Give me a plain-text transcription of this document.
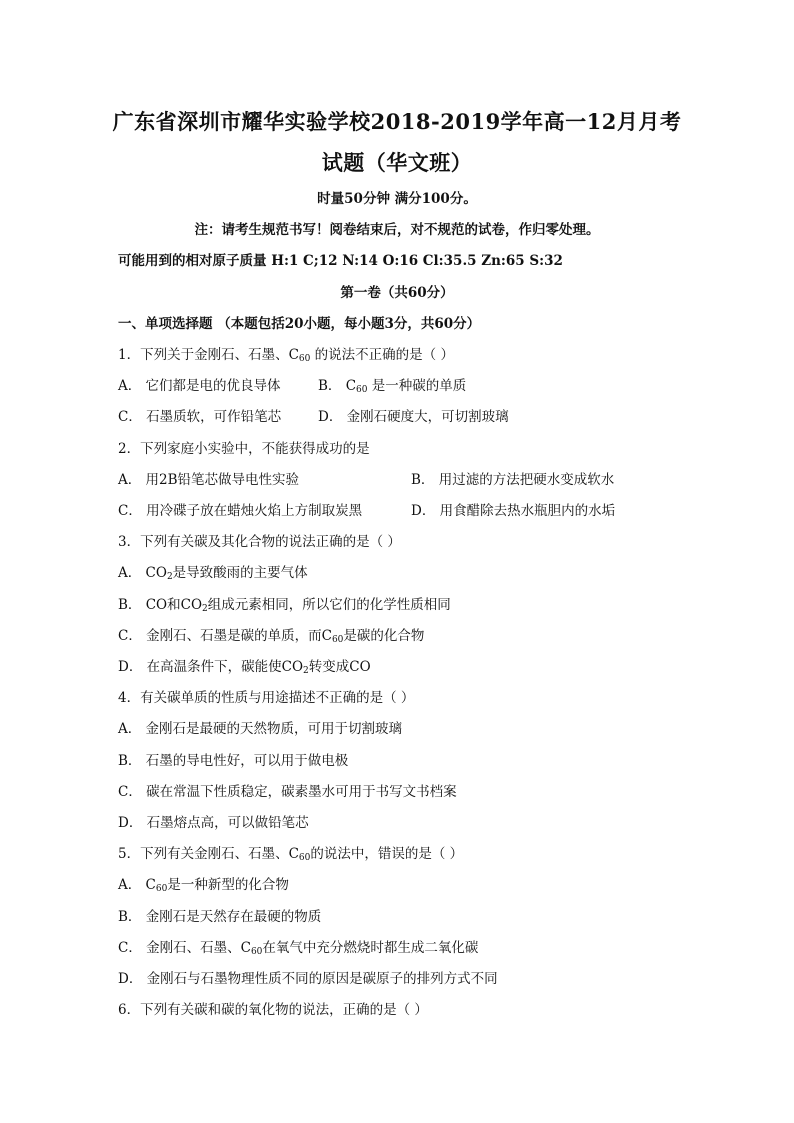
广东省深圳市耀华实验学校2018-2019学年高一12月月考
试题（华文班）
时量50分钟 满分100分。
注：请考生规范书写！阅卷结束后，对不规范的试卷，作归零处理。
可能用到的相对原子质量 H:1 C;12 N:14 O:16 Cl:35.5 Zn:65 S:32
第一卷（共60分）
一、单项选择题 （本题包括20小题，每小题3分，共60分）
1．下列关于金刚石、石墨、$C_{60}$ 的说法不正确的是（ ）
A． 它们都是电的优良导体	B． $C_{60}$ 是一种碳的单质
C． 石墨质软，可作铅笔芯	D． 金刚石硬度大，可切割玻璃
2．下列家庭小实验中，不能获得成功的是
A． 用2B铅笔芯做导电性实验	B． 用过滤的方法把硬水变成软水
C． 用冷碟子放在蜡烛火焰上方制取炭黑	D． 用食醋除去热水瓶胆内的水垢
3．下列有关碳及其化合物的说法正确的是（ ）
A． $CO_2$是导致酸雨的主要气体
B． CO和$CO_2$组成元素相同，所以它们的化学性质相同
C． 金刚石、石墨是碳的单质，而$C_{60}$是碳的化合物
D． 在高温条件下，碳能使$CO_2$转变成CO
4．有关碳单质的性质与用途描述不正确的是（ ）
A． 金刚石是最硬的天然物质，可用于切割玻璃
B． 石墨的导电性好，可以用于做电极
C． 碳在常温下性质稳定，碳素墨水可用于书写文书档案
D． 石墨熔点高，可以做铅笔芯
5．下列有关金刚石、石墨、$C_{60}$的说法中，错误的是（ ）
A． $C_{60}$是一种新型的化合物
B． 金刚石是天然存在最硬的物质
C． 金刚石、石墨、$C_{60}$在氧气中充分燃烧时都生成二氧化碳
D． 金刚石与石墨物理性质不同的原因是碳原子的排列方式不同
6．下列有关碳和碳的氧化物的说法，正确的是（ ）
